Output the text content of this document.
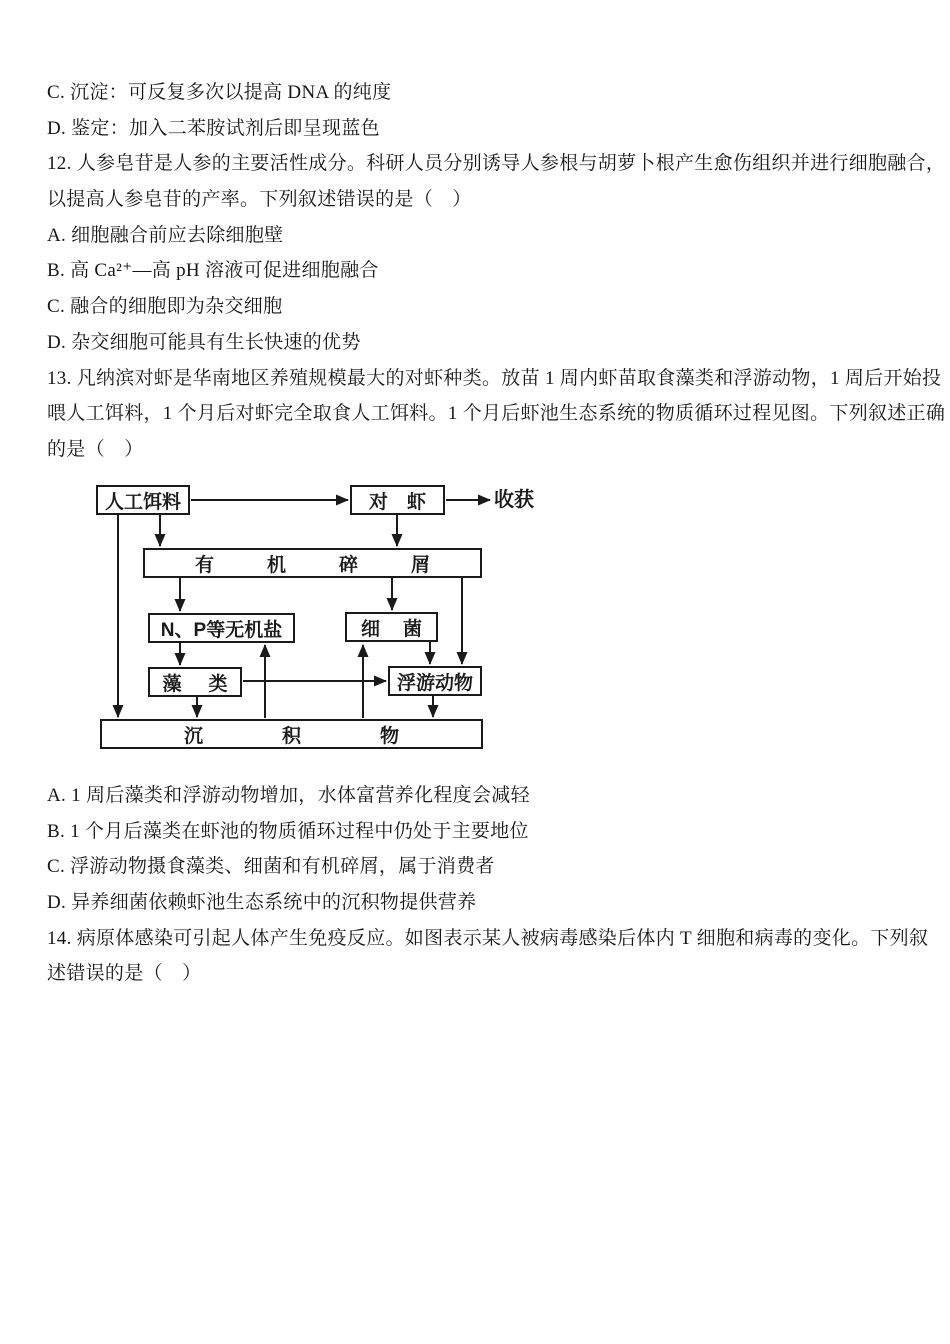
C. 沉淀：可反复多次以提高 DNA 的纯度
D. 鉴定：加入二苯胺试剂后即呈现蓝色
12. 人参皂苷是人参的主要活性成分。科研人员分别诱导人参根与胡萝卜根产生愈伤组织并进行细胞融合，
以提高人参皂苷的产率。下列叙述错误的是（　）
A. 细胞融合前应去除细胞壁
B. 高 Ca²⁺—高 pH 溶液可促进细胞融合
C. 融合的细胞即为杂交细胞
D. 杂交细胞可能具有生长快速的优势
13. 凡纳滨对虾是华南地区养殖规模最大的对虾种类。放苗 1 周内虾苗取食藻类和浮游动物，1 周后开始投
喂人工饵料，1 个月后对虾完全取食人工饵料。1 个月后虾池生态系统的物质循环过程见图。下列叙述正确
的是（　）
人工饵料	对　虾	收获
有　机　碎　屑
N、P等无机盐	细　菌
藻　类	浮游动物
沉　积　物
A. 1 周后藻类和浮游动物增加，水体富营养化程度会减轻
B. 1 个月后藻类在虾池的物质循环过程中仍处于主要地位
C. 浮游动物摄食藻类、细菌和有机碎屑，属于消费者
D. 异养细菌依赖虾池生态系统中的沉积物提供营养
14. 病原体感染可引起人体产生免疫反应。如图表示某人被病毒感染后体内 T 细胞和病毒的变化。下列叙
述错误的是（　）
